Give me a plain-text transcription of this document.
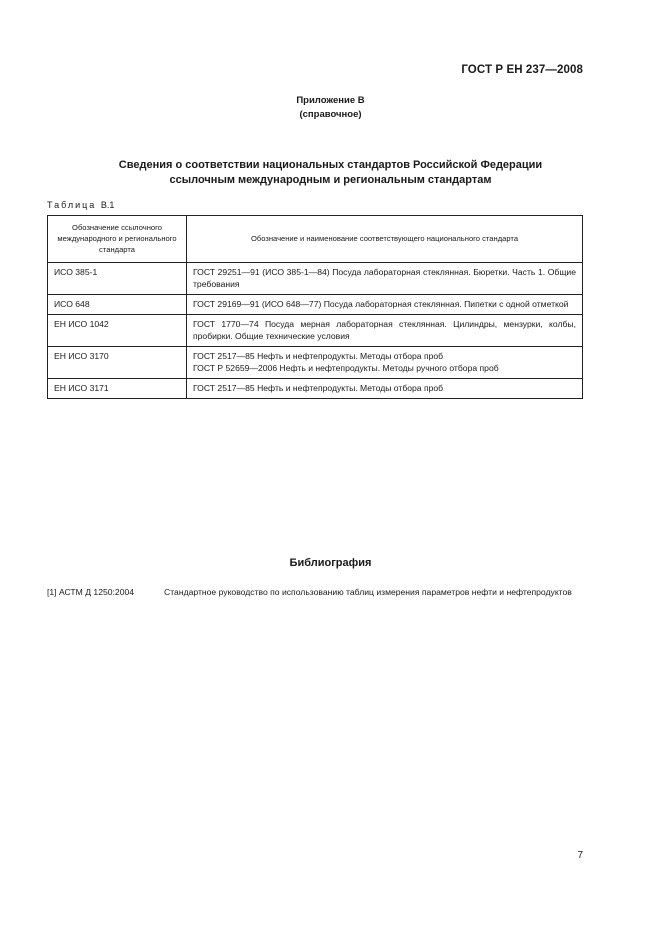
ГОСТ Р ЕН 237—2008
Приложение В
(справочное)
Сведения о соответствии национальных стандартов Российской Федерации
ссылочным международным и региональным стандартам
Таблица В.1
Обозначение ссылочного международного и регионального стандарта	Обозначение и наименование соответствующего национального стандарта
ИСО 385-1	ГОСТ 29251—91 (ИСО 385-1—84) Посуда лабораторная стеклянная. Бюретки. Часть 1. Общие требования
ИСО 648	ГОСТ 29169—91 (ИСО 648—77) Посуда лабораторная стеклянная. Пипетки с одной отметкой
ЕН ИСО 1042	ГОСТ 1770—74 Посуда мерная лабораторная стеклянная. Цилиндры, мензурки, колбы, пробирки. Общие технические условия
ЕН ИСО 3170	ГОСТ 2517—85 Нефть и нефтепродукты. Методы отбора проб
ГОСТ Р 52659—2006 Нефть и нефтепродукты. Методы ручного отбора проб

ЕН ИСО 3171	ГОСТ 2517—85 Нефть и нефтепродукты. Методы отбора проб
Библиография
[1] АСТМ Д 1250:2004	Стандартное руководство по использованию таблиц измерения параметров нефти и нефтепродуктов
7
